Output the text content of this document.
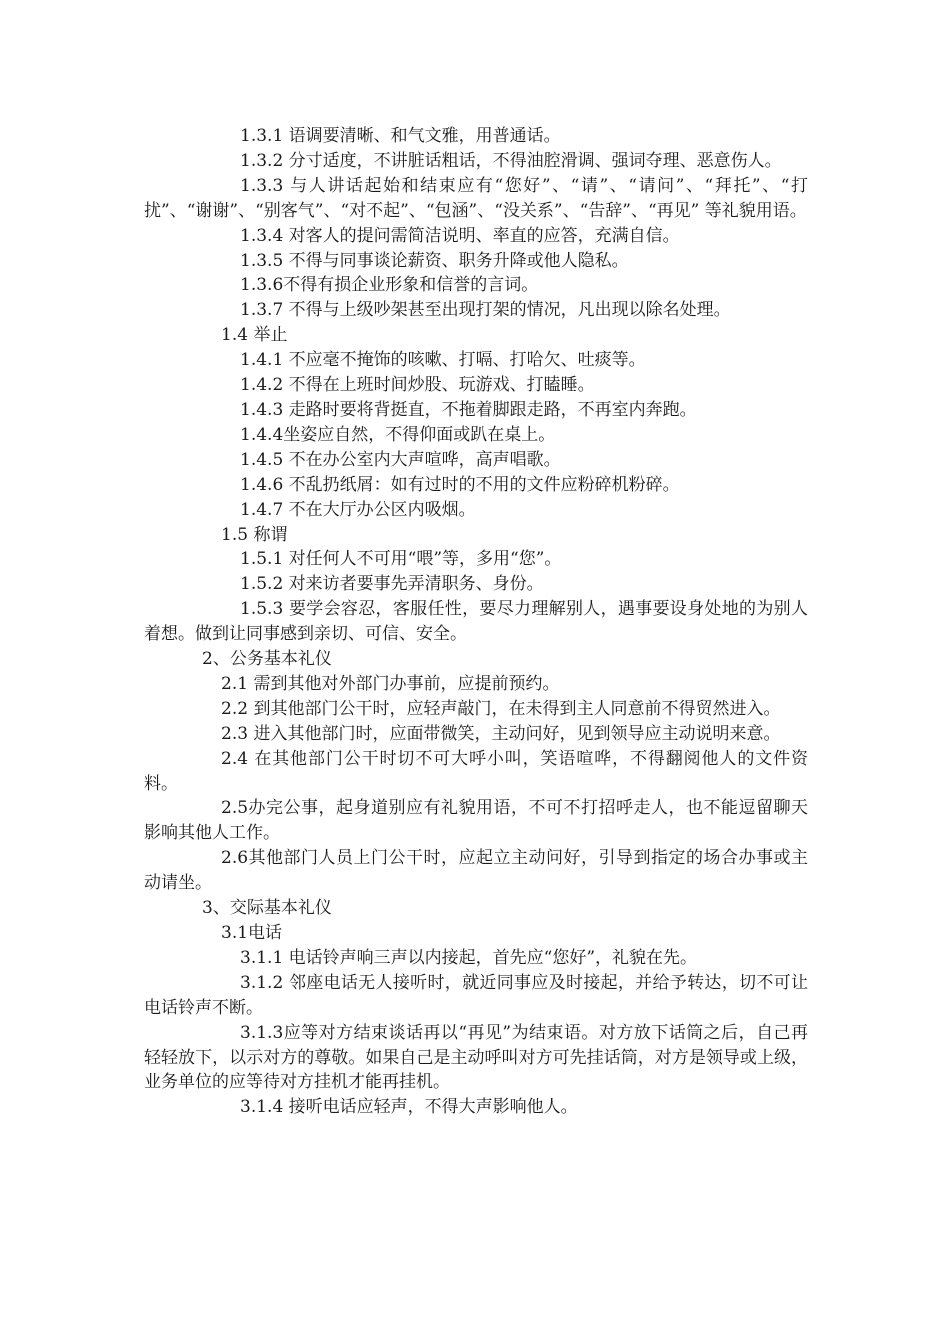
1.3.1 语调要清晰、和气文雅，用普通话。

1.3.2 分寸适度，不讲脏话粗话，不得油腔滑调、强词夺理、恶意伤人。

1.3.3 与人讲话起始和结束应有“您好”、“请”、“请问”、“拜托”、“打扰”、“谢谢”、“别客气”、“对不起”、“包涵”、“没关系”、“告辞”、“再见” 等礼貌用语。

1.3.4 对客人的提问需简洁说明、率直的应答，充满自信。

1.3.5 不得与同事谈论薪资、职务升降或他人隐私。

1.3.6不得有损企业形象和信誉的言词。

1.3.7 不得与上级吵架甚至出现打架的情况，凡出现以除名处理。

1.4 举止

1.4.1 不应毫不掩饰的咳嗽、打嗝、打哈欠、吐痰等。

1.4.2 不得在上班时间炒股、玩游戏、打瞌睡。

1.4.3 走路时要将背挺直，不拖着脚跟走路，不再室内奔跑。

1.4.4坐姿应自然，不得仰面或趴在桌上。

1.4.5 不在办公室内大声喧哗，高声唱歌。

1.4.6 不乱扔纸屑：如有过时的不用的文件应粉碎机粉碎。

1.4.7 不在大厅办公区内吸烟。

1.5 称谓

1.5.1 对任何人不可用“喂”等，多用“您”。

1.5.2 对来访者要事先弄清职务、身份。

1.5.3 要学会容忍，客服任性，要尽力理解别人，遇事要设身处地的为别人着想。做到让同事感到亲切、可信、安全。

2、公务基本礼仪

2.1 需到其他对外部门办事前，应提前预约。

2.2 到其他部门公干时，应轻声敲门，在未得到主人同意前不得贸然进入。

2.3 进入其他部门时，应面带微笑，主动问好，见到领导应主动说明来意。

2.4 在其他部门公干时切不可大呼小叫，笑语喧哗，不得翻阅他人的文件资料。

2.5办完公事，起身道别应有礼貌用语，不可不打招呼走人，也不能逗留聊天影响其他人工作。

2.6其他部门人员上门公干时，应起立主动问好，引导到指定的场合办事或主动请坐。

3、交际基本礼仪

3.1电话

3.1.1 电话铃声响三声以内接起，首先应“您好”，礼貌在先。

3.1.2 邻座电话无人接听时，就近同事应及时接起，并给予转达，切不可让电话铃声不断。

3.1.3应等对方结束谈话再以“再见”为结束语。对方放下话筒之后，自己再轻轻放下，以示对方的尊敬。如果自己是主动呼叫对方可先挂话筒，对方是领导或上级，业务单位的应等待对方挂机才能再挂机。

3.1.4 接听电话应轻声，不得大声影响他人。
